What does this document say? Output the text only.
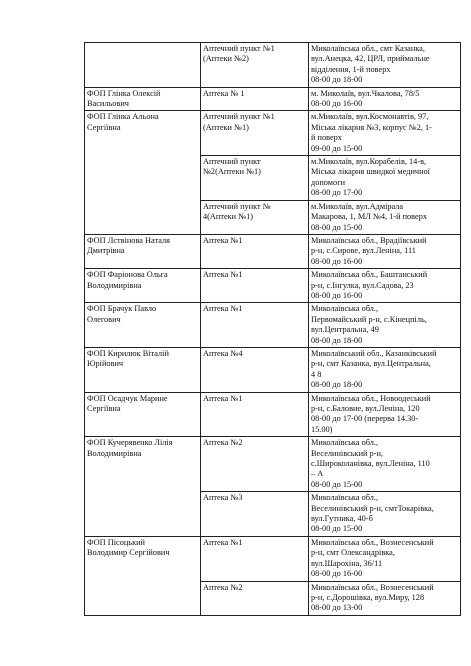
	Аптечний пункт №1
(Аптеки №2)	Миколаївська обл., смт Казанка,
вул.Анецка, 42, ЦРЛ, приймальне
відділення, 1-й поверх
08-00 до 18-00

ФОП Глінка Олексій
Васильович	Аптека № 1	м. Миколаїв, вул.Чкалова, 78/5
08-00 до 16-00

ФОП Глінка Альона
Сергіївна	Аптечний пункт №1
(Аптеки №1)	м.Миколаїв, вул.Космонавтів, 97,
Міська лікарня №3, корпус №2, 1-
й поверх
09-00 до 15-00

	Аптечний пункт
№2(Аптеки №1)	м.Миколаїв, вул.Корабелів, 14-в,
Міська лікарня швидкої медичної
допомоги
08-00 до 17-00

	Аптечний пункт №
4(Аптеки №1)	м.Миколаїв, вул.Адмірала
Макарова, 1, МЛ №4, 1-й поверх
08-00 до 15-00

ФОП Лствінова Наталя
Дмитрівна	Аптека №1	Миколаївська обл., Врадіївський
р-н, с.Сирове, вул.Леніна, 111
08-00 до 16-00

ФОП Фаріонова Ольга
Володимирівна	Аптека №1	Миколаївська обл., Баштанський
р-н, с.Iнгулка, вул.Садова, 23
08-00 до 16-00

ФОП Брачук Павло
Олегович	Аптека №1	Миколаївська обл.,
Первомайський р-н, с.Кінецпіль,
вул.Центральна, 49
08-00 до 18-00

ФОП Кирилюк Віталій
Юрійович	Аптека №4	Миколаївський обл., Казанківський
р-н, смт Казанка, вул.Центральна,
4 8
08-00 до 18-00

ФОП Осадчук Марине
Сергіївна	Аптека №1	Миколаївська обл., Новоодеський
р-н, с.Баловне, вул.Леніна, 120
08-00 до 17-00 (перерва 14.30-
15.00)

ФОП Кучерявенко Лілія
Володимирівна	Аптека №2	Миколаївська обл.,
Веселинівський р-н,
с.Широколанівка, вул.Леніна, 110
– А
08-00 до 15-00

	Аптека №3	Миколаївська обл.,
Веселинівський р-н, смтТокарівка,
вул.Гутника, 40-б
08-00 до 15-00

ФОП Пісоцький
Володимир Сергійович	Аптека №1	Миколаївська обл., Вознесенський
р-н, смт Олександрівка,
вул.Шарохіна, 36/11
08-00 до 16-00

	Аптека №2	Миколаївська обл., Вознесенський
р-н, с.Дорошівка, вул.Миру, 128
08-00 до 13-00
